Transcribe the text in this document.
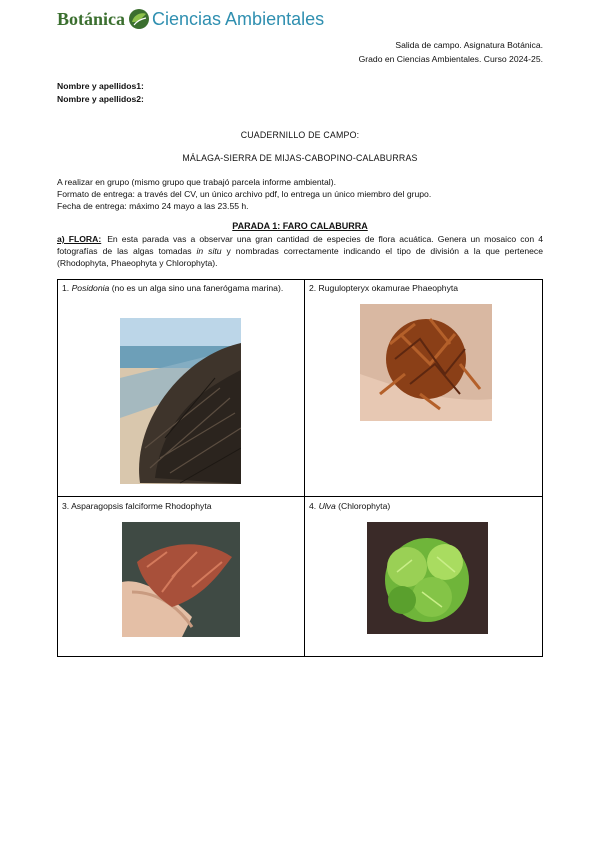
Botánica Ciencias Ambientales
Salida de campo. Asignatura Botánica.
Grado en Ciencias Ambientales. Curso 2024-25.
Nombre y apellidos1:
Nombre y apellidos2:
CUADERNILLO DE CAMPO:
MÁLAGA-SIERRA DE MIJAS-CABOPINO-CALABURRAS
A realizar en grupo (mismo grupo que trabajó parcela informe ambiental).
Formato de entrega: a través del CV, un único archivo pdf, lo entrega un único miembro del grupo.
Fecha de entrega: máximo 24 mayo a las 23.55 h.
PARADA 1: FARO CALABURRA
a) FLORA: En esta parada vas a observar una gran cantidad de especies de flora acuática. Genera un mosaico con 4 fotografías de las algas tomadas in situ y nombradas correctamente indicando el tipo de división a la que pertenece (Rhodophyta, Phaeophyta y Chlorophyta).
1. Posidonia (no es un alga sino una fanerógama marina).	2. Rugulopteryx okamurae Phaeophyta
3. Asparagopsis falciforme Rhodophyta	4. Ulva (Chlorophyta)
